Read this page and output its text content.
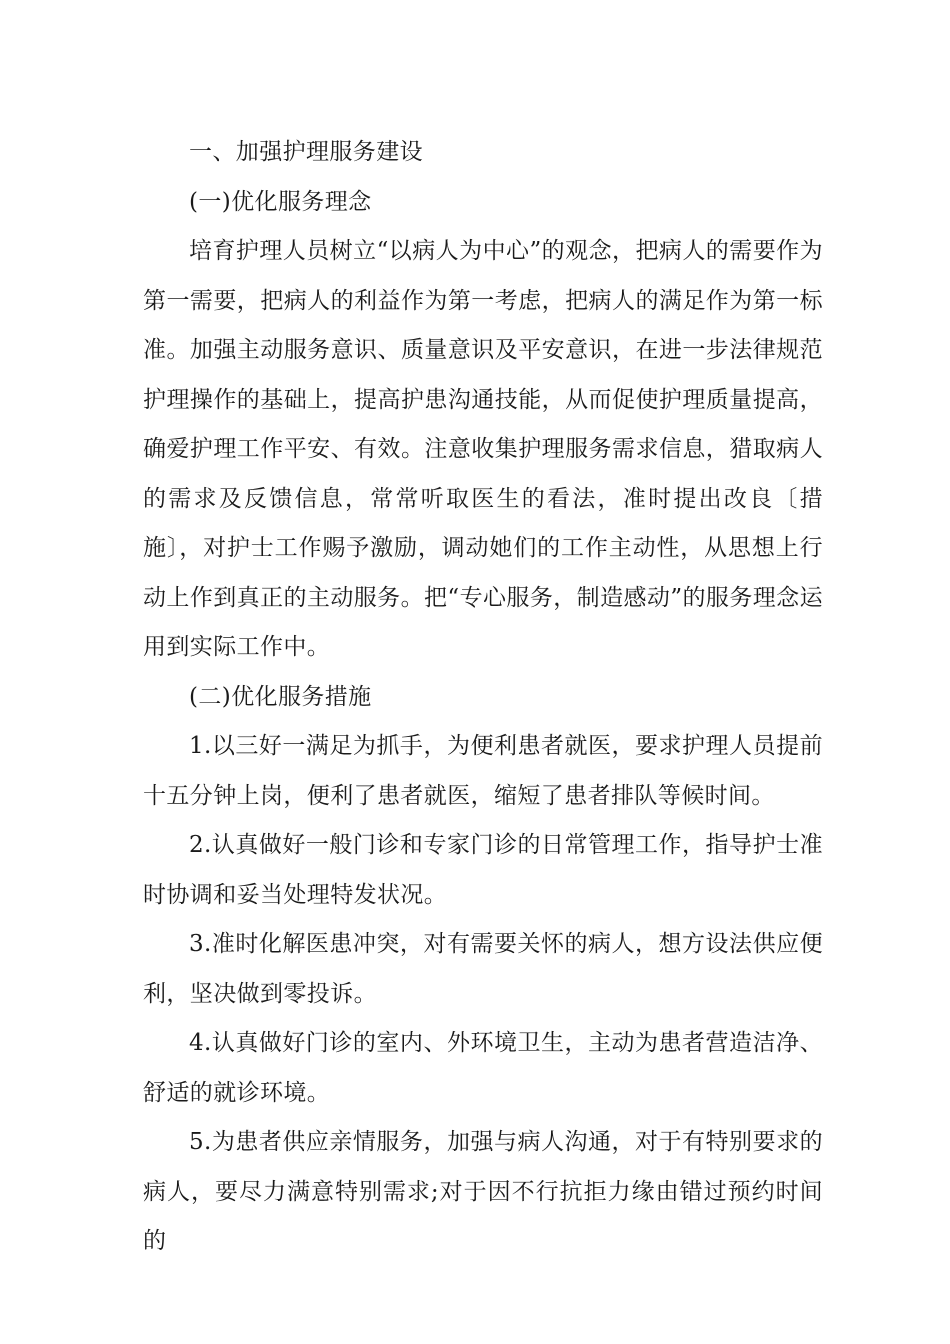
一、加强护理服务建设

(一)优化服务理念

培育护理人员树立“以病人为中心”的观念，把病人的需要作为第一需要，把病人的利益作为第一考虑，把病人的满足作为第一标准。加强主动服务意识、质量意识及平安意识，在进一步法律规范护理操作的基础上，提高护患沟通技能，从而促使护理质量提高，确爱护理工作平安、有效。注意收集护理服务需求信息，猎取病人的需求及反馈信息，常常听取医生的看法，准时提出改良〔措施〕，对护士工作赐予激励，调动她们的工作主动性，从思想上行动上作到真正的主动服务。把“专心服务，制造感动”的服务理念运用到实际工作中。

(二)优化服务措施

1.以三好一满足为抓手，为便利患者就医，要求护理人员提前十五分钟上岗，便利了患者就医，缩短了患者排队等候时间。

2.认真做好一般门诊和专家门诊的日常管理工作，指导护士准时协调和妥当处理特发状况。

3.准时化解医患冲突，对有需要关怀的病人，想方设法供应便利，坚决做到零投诉。

4.认真做好门诊的室内、外环境卫生，主动为患者营造洁净、舒适的就诊环境。

5.为患者供应亲情服务，加强与病人沟通，对于有特别要求的病人，要尽力满意特别需求;对于因不行抗拒力缘由错过预约时间的
